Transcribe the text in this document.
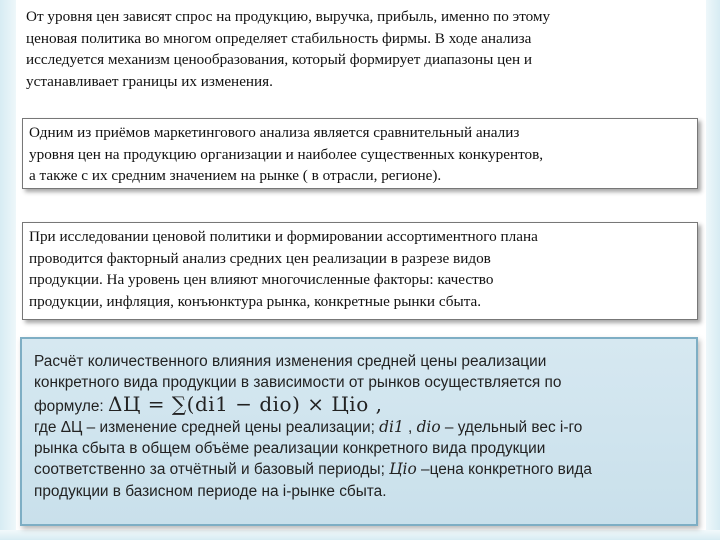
От уровня цен зависят спрос на продукцию, выручка, прибыль, именно по этому
ценовая политика во многом определяет стабильность фирмы. В ходе анализа
исследуется механизм ценообразования, который формирует диапазоны цен и
устанавливает границы их изменения.

Одним из приёмов маркетингового анализа является сравнительный анализ
уровня цен на продукцию организации и наиболее существенных конкурентов,
а также с их средним значением на рынке ( в отрасли, регионе).

При исследовании ценовой политики и формировании ассортиментного плана
проводится факторный анализ средних цен реализации в разрезе видов
продукции. На уровень цен влияют многочисленные факторы: качество
продукции, инфляция, конъюнктура рынка, конкретные рынки сбыта.

Расчёт количественного влияния изменения средней цены реализации
конкретного вида продукции в зависимости от рынков осуществляется по
формуле: ΔЦ = ∑(di1 − dio) × Цio ,
где ΔЦ – изменение средней цены реализации; di1 , dio – удельный вес i-го
рынка сбыта в общем объёме реализации конкретного вида продукции
соответственно за отчётный и базовый периоды; Цio –цена конкретного вида
продукции в базисном периоде на i-рынке сбыта.
